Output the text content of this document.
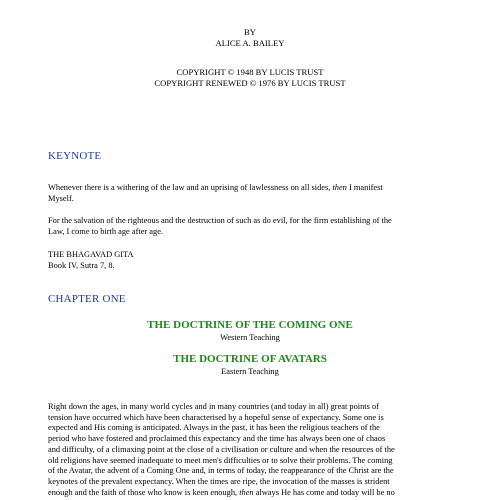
BY
ALICE A. BAILEY
COPYRIGHT © 1948 BY LUCIS TRUST
COPYRIGHT RENEWED © 1976 BY LUCIS TRUST
KEYNOTE

Whenever there is a withering of the law and an uprising of lawlessness on all sides, then I manifest
Myself.

For the salvation of the righteous and the destruction of such as do evil, for the firm establishing of the
Law, I come to birth age after age.

THE BHAGAVAD GITA
Book IV, Sutra 7, 8.

CHAPTER ONE
THE DOCTRINE OF THE COMING ONE
Western Teaching
THE DOCTRINE OF AVATARS
Eastern Teaching

Right down the ages, in many world cycles and in many countries (and today in all) great points of
tension have occurred which have been characterised by a hopeful sense of expectancy. Some one is
expected and His coming is anticipated. Always in the past, it has been the religious teachers of the
period who have fostered and proclaimed this expectancy and the time has always been one of chaos
and difficulty, of a climaxing point at the close of a civilisation or culture and when the resources of the
old religions have seemed inadequate to meet men's difficulties or to solve their problems. The coming
of the Avatar, the advent of a Coming One and, in terms of today, the reappearance of the Christ are the
keynotes of the prevalent expectancy. When the times are ripe, the invocation of the masses is strident
enough and the faith of those who know is keen enough, then always He has come and today will be no
